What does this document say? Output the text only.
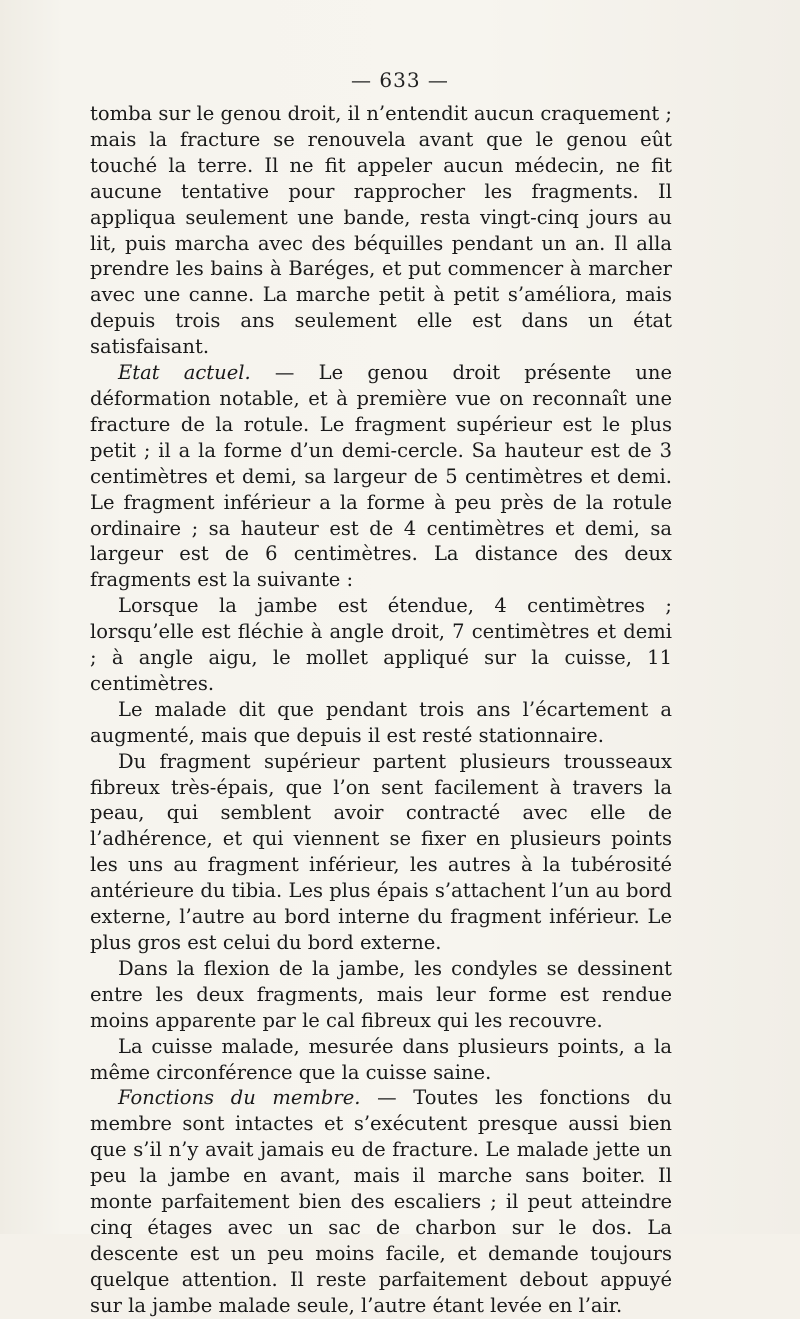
— 633 —

tomba sur le genou droit, il n’entendit aucun craquement ; mais la fracture se renouvela avant que le genou eût touché la terre. Il ne fit appeler aucun médecin, ne fit aucune tentative pour rapprocher les fragments. Il appliqua seulement une bande, resta vingt-cinq jours au lit, puis marcha avec des béquilles pendant un an. Il alla prendre les bains à Baréges, et put commencer à marcher avec une canne. La marche petit à petit s’améliora, mais depuis trois ans seulement elle est dans un état satisfaisant.

Etat actuel. — Le genou droit présente une déformation notable, et à première vue on reconnaît une fracture de la rotule. Le fragment supérieur est le plus petit ; il a la forme d’un demi-cercle. Sa hauteur est de 3 centimètres et demi, sa largeur de 5 centimètres et demi. Le fragment inférieur a la forme à peu près de la rotule ordinaire ; sa hauteur est de 4 centimètres et demi, sa largeur est de 6 centimètres. La distance des deux fragments est la suivante :

Lorsque la jambe est étendue, 4 centimètres ; lorsqu’elle est fléchie à angle droit, 7 centimètres et demi ; à angle aigu, le mollet appliqué sur la cuisse, 11 centimètres.

Le malade dit que pendant trois ans l’écartement a augmenté, mais que depuis il est resté stationnaire.

Du fragment supérieur partent plusieurs trousseaux fibreux très-épais, que l’on sent facilement à travers la peau, qui semblent avoir contracté avec elle de l’adhérence, et qui viennent se fixer en plusieurs points les uns au fragment inférieur, les autres à la tubérosité antérieure du tibia. Les plus épais s’attachent l’un au bord externe, l’autre au bord interne du fragment inférieur. Le plus gros est celui du bord externe.

Dans la flexion de la jambe, les condyles se dessinent entre les deux fragments, mais leur forme est rendue moins apparente par le cal fibreux qui les recouvre.

La cuisse malade, mesurée dans plusieurs points, a la même circonférence que la cuisse saine.

Fonctions du membre. — Toutes les fonctions du membre sont intactes et s’exécutent presque aussi bien que s’il n’y avait jamais eu de fracture. Le malade jette un peu la jambe en avant, mais il marche sans boiter. Il monte parfaitement bien des escaliers ; il peut atteindre cinq étages avec un sac de charbon sur le dos. La descente est un peu moins facile, et demande toujours quelque attention. Il reste parfaitement debout appuyé sur la jambe malade seule, l’autre étant levée en l’air.
